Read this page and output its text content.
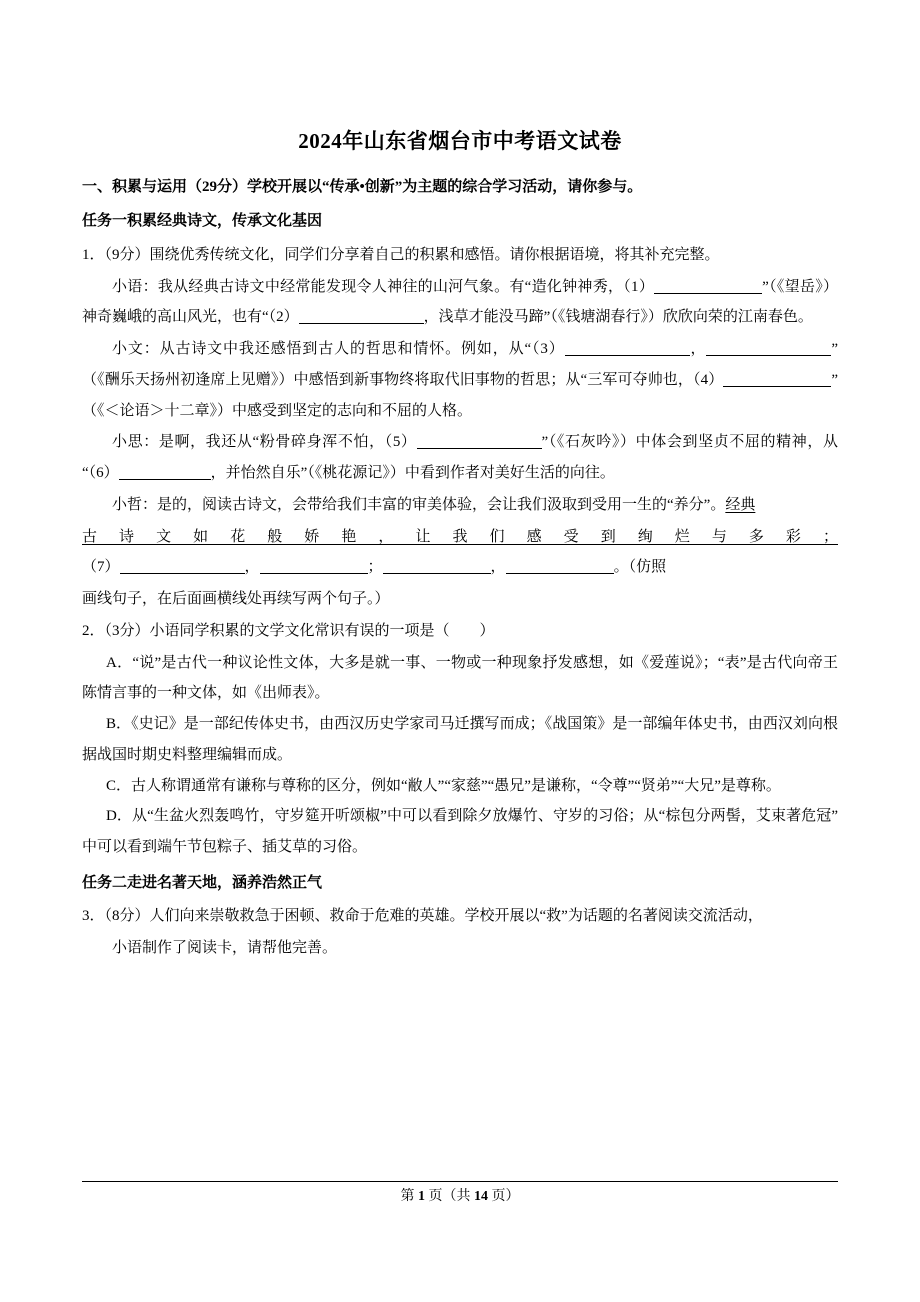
2024年山东省烟台市中考语文试卷

一、积累与运用（29分）学校开展以“传承•创新”为主题的综合学习活动，请你参与。

任务一积累经典诗文，传承文化基因

1．（9分）围绕优秀传统文化，同学们分享着自己的积累和感悟。请你根据语境，将其补充完整。

小语：我从经典古诗文中经常能发现令人神往的山河气象。有“造化钟神秀，（1）	”（《望岳》）神奇巍峨的高山风光，也有“（2）	，浅草才能没马蹄”（《钱塘湖春行》）欣欣向荣的江南春色。

小文：从古诗文中我还感悟到古人的哲思和情怀。例如，从“（3）	，	”（《酬乐天扬州初逢席上见赠》）中感悟到新事物终将取代旧事物的哲思；从“三军可夺帅也，（4）	”（《＜论语＞十二章》）中感受到坚定的志向和不屈的人格。

小思：是啊，我还从“粉骨碎身浑不怕，（5）	”（《石灰吟》）中体会到坚贞不屈的精神，从“（6）	，并怡然自乐”（《桃花源记》）中看到作者对美好生活的向往。

小哲：是的，阅读古诗文，会带给我们丰富的审美体验，会让我们汲取到受用一生的“养分”。经典

古诗文如花般娇艳，让我们感受到绚烂与多彩；

（7）	，	；	，	。（仿照

画线句子，在后面画横线处再续写两个句子。）

2．（3分）小语同学积累的文学文化常识有误的一项是（　　）

A．“说”是古代一种议论性文体，大多是就一事、一物或一种现象抒发感想，如《爱莲说》；“表”是古代向帝王陈情言事的一种文体，如《出师表》。

B．《史记》是一部纪传体史书，由西汉历史学家司马迁撰写而成；《战国策》是一部编年体史书，由西汉刘向根据战国时期史料整理编辑而成。

C．古人称谓通常有谦称与尊称的区分，例如“敝人”“家慈”“愚兄”是谦称，“令尊”“贤弟”“大兄”是尊称。

D．从“生盆火烈轰鸣竹，守岁筵开听颂椒”中可以看到除夕放爆竹、守岁的习俗；从“棕包分两髻，艾束著危冠”中可以看到端午节包粽子、插艾草的习俗。

任务二走进名著天地，涵养浩然正气

3．（8分）人们向来崇敬救急于困顿、救命于危难的英雄。学校开展以“救”为话题的名著阅读交流活动，

小语制作了阅读卡，请帮他完善。

第 1 页（共 14 页）
